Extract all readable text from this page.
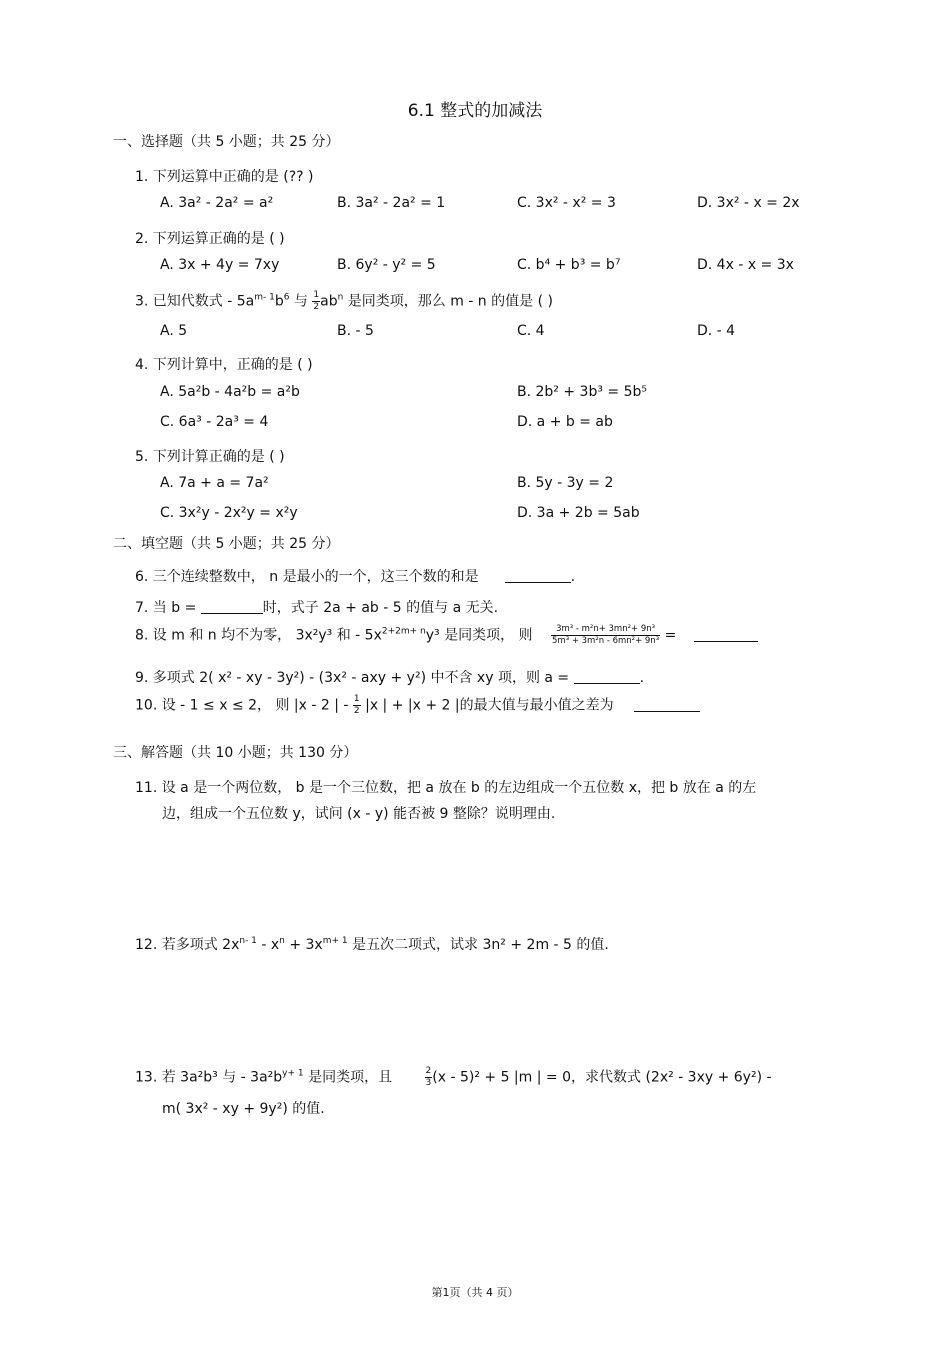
6.1 整式的加减法
一、选择题（共 5 小题；共 25 分）
1. 下列运算中正确的是 (?? )
A. 3a² - 2a² = a²	B. 3a² - 2a² = 1	C. 3x² - x² = 3	D. 3x² - x = 2x
2. 下列运算正确的是 ( )
A. 3x + 4y = 7xy	B. 6y² - y² = 5	C. b⁴ + b³ = b⁷	D. 4x - x = 3x
3. 已知代数式 - $5a^{m- 1}b^6$ 与 $\frac{1}{2} ab^n$ 是同类项，那么 m - n 的值是 ( )
A. 5	B. - 5	C. 4	D. - 4
4. 下列计算中，正确的是 ( )
A. 5a²b - 4a²b = a²b	B. 2b² + 3b³ = 5b⁵
C. 6a³ - 2a³ = 4	D. a + b = ab
5. 下列计算正确的是 ( )
A. 7a + a = 7a²	B. 5y - 3y = 2
C. 3x²y - 2x²y = x²y	D. 3a + 2b = 5ab
二、填空题（共 5 小题；共 25 分）
6. 三个连续整数中， n 是最小的一个，这三个数的和是	.
7. 当 b =	时，式子 2a + ab - 5 的值与 a 无关.
8. 设 m 和 n 均不为零， 3x²y³ 和 - $5x^{2+2m+ n}y^3$ 是同类项， 则 $\frac{\text{3m³ - m²n+ 3mn²+ 9n³}}{\text{5m³ + 3m²n - 6mn²+ 9n³}}$ =
9. 多项式 2( x² - xy - 3y²) - (3x² - axy + y²) 中不含 xy 项，则 a =	.
10. 设 - 1 ≤ x ≤ 2， 则 |x - 2 | - $\frac{1}{2} |x$ | + |x + 2 |的最大值与最小值之差为
三、解答题（共 10 小题；共 130 分）
11. 设 a 是一个两位数， b 是一个三位数，把 a 放在 b 的左边组成一个五位数 x，把 b 放在 a 的左
边，组成一个五位数 y，试问 (x - y) 能否被 9 整除？说明理由.
12. 若多项式 $2x^{n- 1} - x^n + 3x^{m+ 1}$ 是五次二项式，试求 3n² + 2m - 5 的值.
13. 若 3a²b³ 与 - $3a^2b^{y+ 1}$ 是同类项，且	$\frac{2}{3} (x - 5)^2 + 5$ |m | = 0，求代数式 (2x² - 3xy + 6y²) -
m( 3x² - xy + 9y²) 的值.
第1页（共 4 页）
